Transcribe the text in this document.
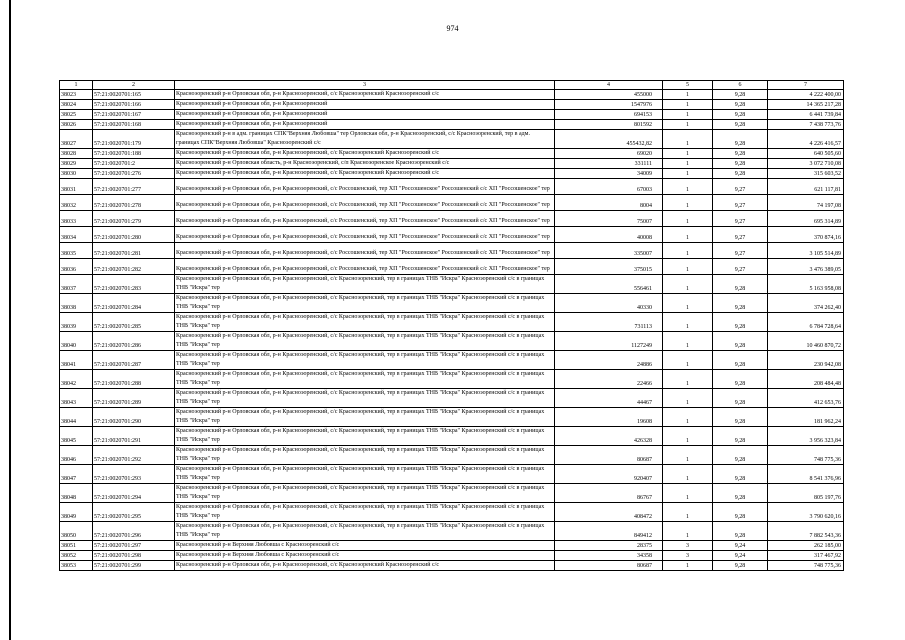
974
1	2	3	4	5	6	7
38023	57:21:0020701:165	Красноэоренский р-н Орловская обл, р-н Красноэоренский, с/с Красноэоренский Красноэоренский с/с	455000	1	9,28	4 222 400,00
38024	57:21:0020701:166	Красноэоренский р-н Орловская обл, р-н Красноэоренский	1547976	1	9,28	14 365 217,28
38025	57:21:0020701:167	Красноэоренский р-н Орловская обл, р-н Красноэоренский	694153	1	9,28	6 441 739,84
38026	57:21:0020701:168	Красноэоренский р-н Орловская обл, р-н Красноэоренский	801592	1	9,28	7 438 773,76
38027	57:21:0020701:179	Красноэоренский р-н в адм. границах СПК"Верхняя Любовша" тер Орловская обл, р-н Красноэоренский, с/с Красноэоренский, тер в адм. границах СПК"Верхняя Любовша" Красноэоренский с/с	455432,82	1	9,28	4 226 416,57
38028	57:21:0020701:188	Красноэоренский р-н Орловская обл, р-н Красноэоренский, с/с Красноэоренский Красноэоренский с/с	69020	1	9,28	640 505,60
38029	57:21:0020701:2	Красноэоренский р-н Орловская область, р-н Красноэоренский, с/п Красноэоренское Красноэоренский с/с	331111	1	9,28	3 072 710,08
38030	57:21:0020701:276	Красноэоренский р-н Орловская обл, р-н Красноэоренский, с/с Красноэоренский Красноэоренский с/с	34009	1	9,28	315 603,52
38031	57:21:0020701:277	Красноэоренский р-н Орловская обл, р-н Красноэоренский, с/с Россошенский, тер ХП "Россошенское" Россошенский с/с ХП "Россошенское" тер	67003	1	9,27	621 117,81
38032	57:21:0020701:278	Красноэоренский р-н Орловская обл, р-н Красноэоренский, с/с Россошенский, тер ХП "Россошенское" Россошенский с/с ХП "Россошенское" тер	8004	1	9,27	74 197,08
38033	57:21:0020701:279	Красноэоренский р-н Орловская обл, р-н Красноэоренский, с/с Россошенский, тер ХП "Россошенское" Россошенский с/с ХП "Россошенское" тер	75007	1	9,27	695 314,89
38034	57:21:0020701:280	Красноэоренский р-н Орловская обл, р-н Красноэоренский, с/с Россошенский, тер ХП "Россошенское" Россошенский с/с ХП "Россошенское" тер	40008	1	9,27	370 874,16
38035	57:21:0020701:281	Красноэоренский р-н Орловская обл, р-н Красноэоренский, с/с Россошенский, тер ХП "Россошенское" Россошенский с/с ХП "Россошенское" тер	335007	1	9,27	3 105 514,89
38036	57:21:0020701:282	Красноэоренский р-н Орловская обл, р-н Красноэоренский, с/с Россошенский, тер ХП "Россошенское" Россошенский с/с ХП "Россошенское" тер	375015	1	9,27	3 476 389,05
38037	57:21:0020701:283	Красноэоренский р-н Орловская обл, р-н Красноэоренский, с/с Красноэоренский, тер в границах ТНВ "Искра" Красноэоренский с/с в границах ТНВ "Искра" тер	556461	1	9,28	5 163 958,08
38038	57:21:0020701:284	Красноэоренский р-н Орловская обл, р-н Красноэоренский, с/с Красноэоренский, тер в границах ТНВ "Искра" Красноэоренский с/с в границах ТНВ "Искра" тер	40330	1	9,28	374 262,40
38039	57:21:0020701:285	Красноэоренский р-н Орловская обл, р-н Красноэоренский, с/с Красноэоренский, тер в границах ТНВ "Искра" Красноэоренский с/с в границах ТНВ "Искра" тер	731113	1	9,28	6 784 728,64
38040	57:21:0020701:286	Красноэоренский р-н Орловская обл, р-н Красноэоренский, с/с Красноэоренский, тер в границах ТНВ "Искра" Красноэоренский с/с в границах ТНВ "Искра" тер	1127249	1	9,28	10 460 870,72
38041	57:21:0020701:287	Красноэоренский р-н Орловская обл, р-н Красноэоренский, с/с Красноэоренский, тер в границах ТНВ "Искра" Красноэоренский с/с в границах ТНВ "Искра" тер	24886	1	9,28	230 942,08
38042	57:21:0020701:288	Красноэоренский р-н Орловская обл, р-н Красноэоренский, с/с Красноэоренский, тер в границах ТНВ "Искра" Красноэоренский с/с в границах ТНВ "Искра" тер	22466	1	9,28	208 484,48
38043	57:21:0020701:289	Красноэоренский р-н Орловская обл, р-н Красноэоренский, с/с Красноэоренский, тер в границах ТНВ "Искра" Красноэоренский с/с в границах ТНВ "Искра" тер	44467	1	9,28	412 653,76
38044	57:21:0020701:290	Красноэоренский р-н Орловская обл, р-н Красноэоренский, с/с Красноэоренский, тер в границах ТНВ "Искра" Красноэоренский с/с в границах ТНВ "Искра" тер	19608	1	9,28	181 962,24
38045	57:21:0020701:291	Красноэоренский р-н Орловская обл, р-н Красноэоренский, с/с Красноэоренский, тер в границах ТНВ "Искра" Красноэоренский с/с в границах ТНВ "Искра" тер	426328	1	9,28	3 956 323,84
38046	57:21:0020701:292	Красноэоренский р-н Орловская обл, р-н Красноэоренский, с/с Красноэоренский, тер в границах ТНВ "Искра" Красноэоренский с/с в границах ТНВ "Искра" тер	80687	1	9,28	748 775,36
38047	57:21:0020701:293	Красноэоренский р-н Орловская обл, р-н Красноэоренский, с/с Красноэоренский, тер в границах ТНВ "Искра" Красноэоренский с/с в границах ТНВ "Искра" тер	920407	1	9,28	8 541 376,96
38048	57:21:0020701:294	Красноэоренский р-н Орловская обл, р-н Красноэоренский, с/с Красноэоренский, тер в границах ТНВ "Искра" Красноэоренский с/с в границах ТНВ "Искра" тер	86767	1	9,28	805 197,76
38049	57:21:0020701:295	Красноэоренский р-н Орловская обл, р-н Красноэоренский, с/с Красноэоренский, тер в границах ТНВ "Искра" Красноэоренский с/с в границах ТНВ "Искра" тер	408472	1	9,28	3 790 620,16
38050	57:21:0020701:296	Красноэоренский р-н Орловская обл, р-н Красноэоренский, с/с Красноэоренский, тер в границах ТНВ "Искра" Красноэоренский с/с в границах ТНВ "Искра" тер	849412	1	9,28	7 882 543,36
38051	57:21:0020701:297	Красноэоренский р-н Верхняя Любовша с Красноэоренский с/с	28375	3	9,24	262 185,00
38052	57:21:0020701:298	Красноэоренский р-н Верхняя Любовша с Красноэоренский с/с	34358	3	9,24	317 467,92
38053	57:21:0020701:299	Красноэоренский р-н Орловская обл, р-н Красноэоренский, с/с Красноэоренский Красноэоренский с/с	80687	1	9,28	748 775,36
